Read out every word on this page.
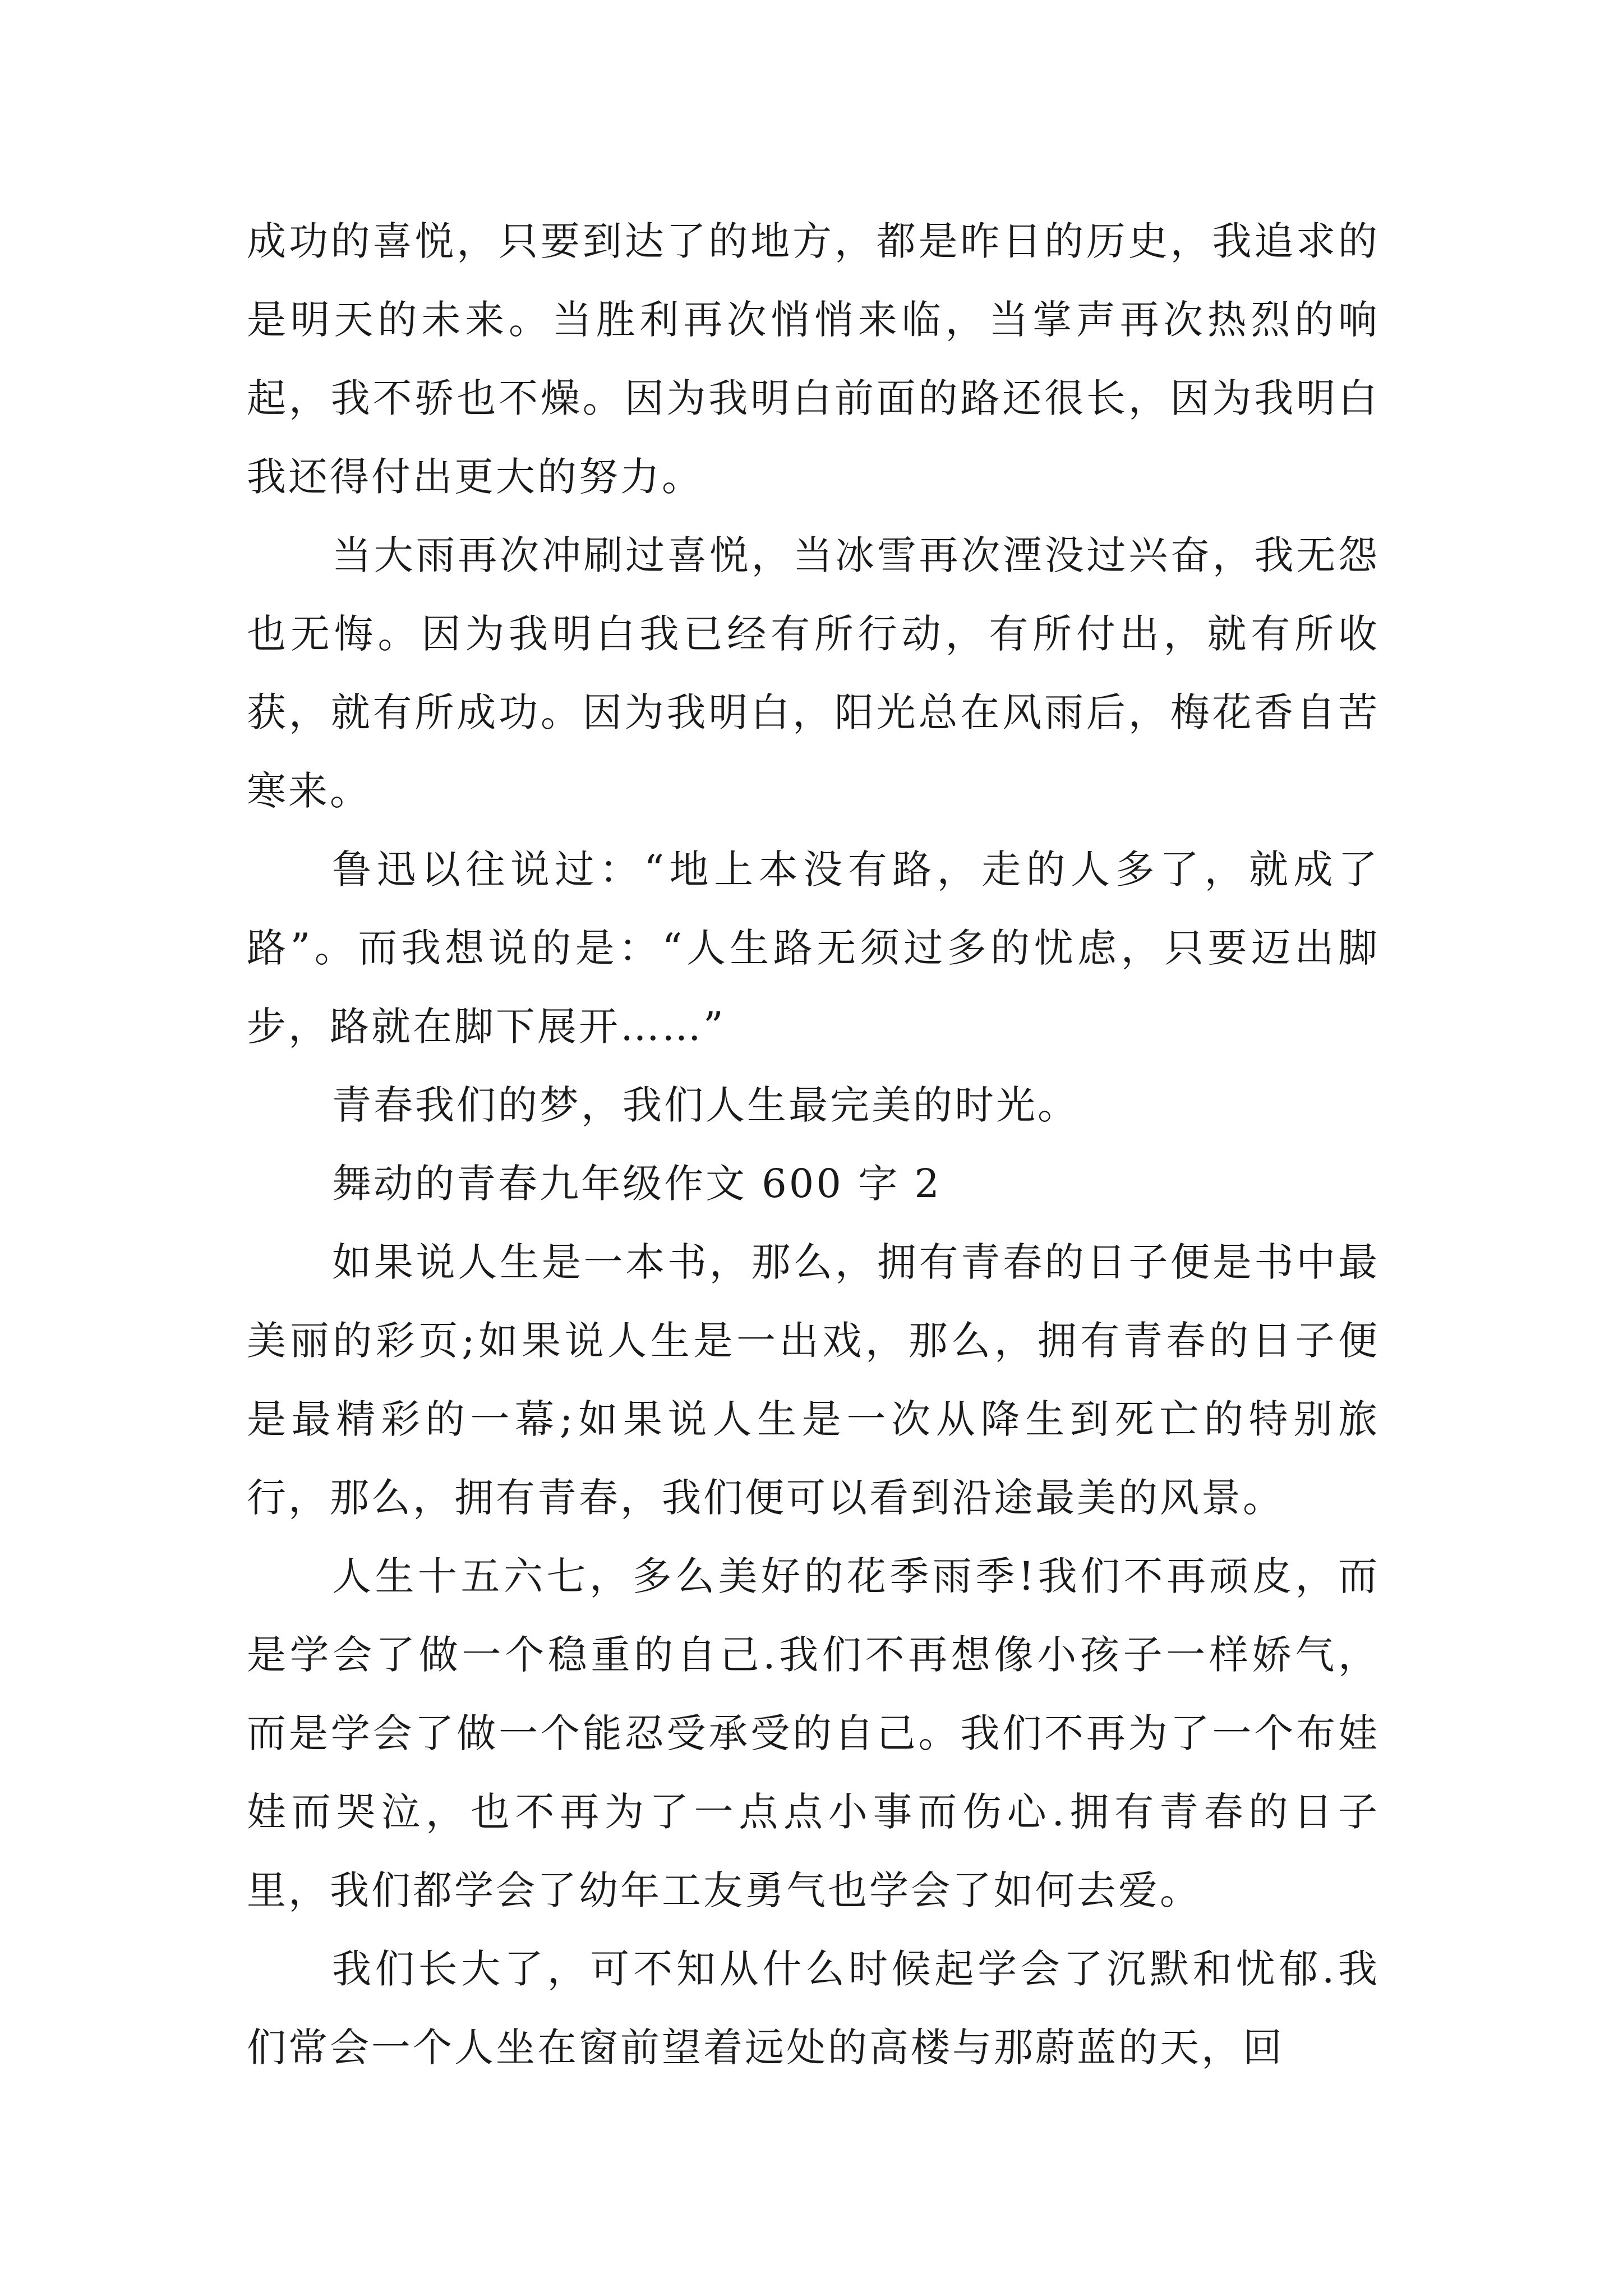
成功的喜悦，只要到达了的地方，都是昨日的历史，我追求的是明天的未来。当胜利再次悄悄来临，当掌声再次热烈的响起，我不骄也不燥。因为我明白前面的路还很长，因为我明白我还得付出更大的努力。

当大雨再次冲刷过喜悦，当冰雪再次湮没过兴奋，我无怨也无悔。因为我明白我已经有所行动，有所付出，就有所收获，就有所成功。因为我明白，阳光总在风雨后，梅花香自苦寒来。

鲁迅以往说过：“地上本没有路，走的人多了，就成了路”。而我想说的是：“人生路无须过多的忧虑，只要迈出脚步，路就在脚下展开……”

青春我们的梦，我们人生最完美的时光。

舞动的青春九年级作文 600 字 2

如果说人生是一本书，那么，拥有青春的日子便是书中最美丽的彩页;如果说人生是一出戏，那么，拥有青春的日子便是最精彩的一幕;如果说人生是一次从降生到死亡的特别旅行，那么，拥有青春，我们便可以看到沿途最美的风景。

人生十五六七，多么美好的花季雨季!我们不再顽皮，而是学会了做一个稳重的自己.我们不再想像小孩子一样娇气，而是学会了做一个能忍受承受的自己。我们不再为了一个布娃娃而哭泣，也不再为了一点点小事而伤心.拥有青春的日子里，我们都学会了幼年工友勇气也学会了如何去爱。

我们长大了，可不知从什么时候起学会了沉默和忧郁.我们常会一个人坐在窗前望着远处的高楼与那蔚蓝的天，回
